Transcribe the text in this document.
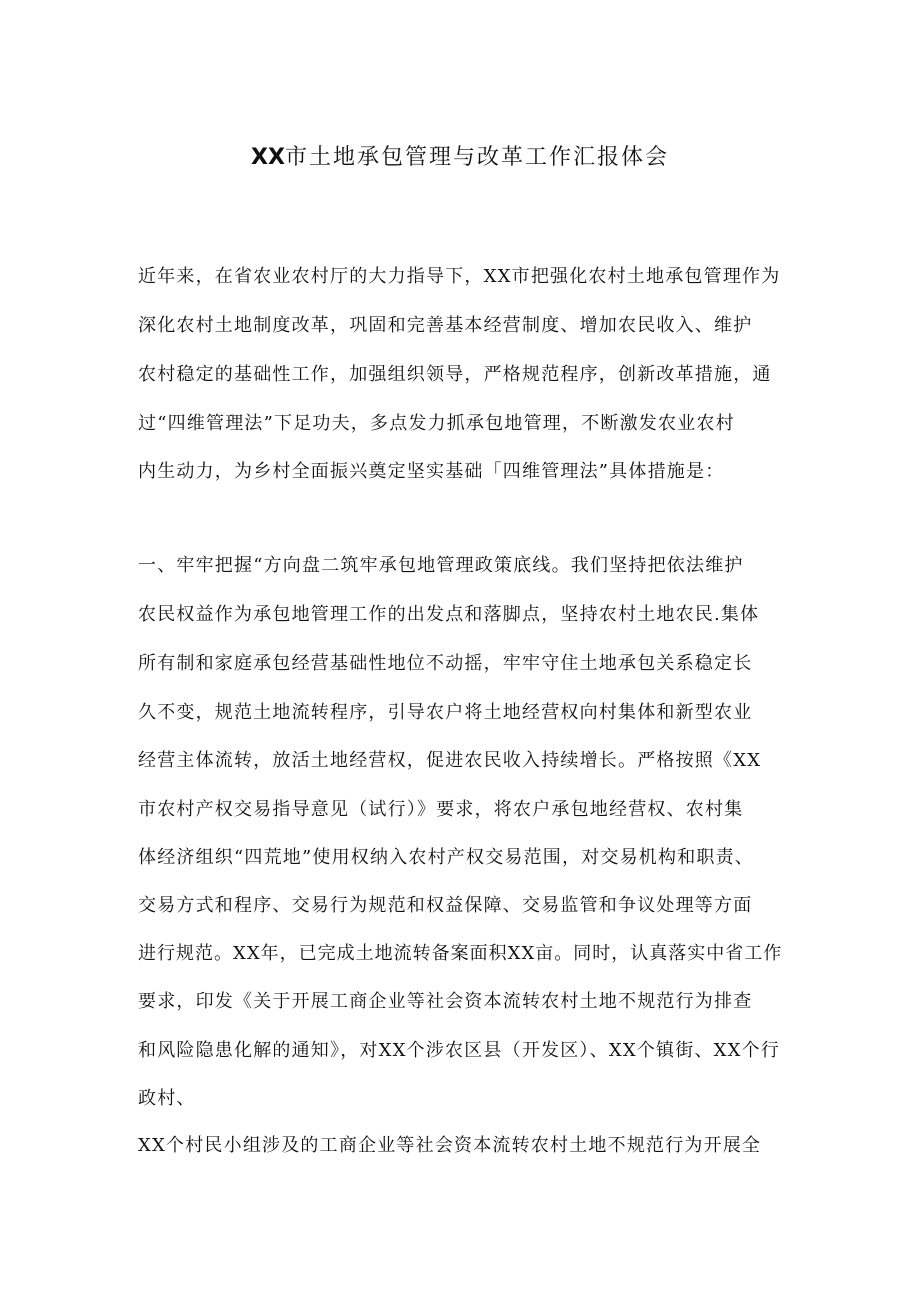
XX市土地承包管理与改革工作汇报体会
近年来，在省农业农村厅的大力指导下，XX市把强化农村土地承包管理作为
深化农村土地制度改革，巩固和完善基本经营制度、增加农民收入、维护
农村稳定的基础性工作，加强组织领导，严格规范程序，创新改革措施，通
过“四维管理法”下足功夫，多点发力抓承包地管理，不断激发农业农村
内生动力，为乡村全面振兴奠定坚实基础「四维管理法”具体措施是：
一、牢牢把握“方向盘二筑牢承包地管理政策底线。我们坚持把依法维护
农民权益作为承包地管理工作的出发点和落脚点，坚持农村土地农民.集体
所有制和家庭承包经营基础性地位不动摇，牢牢守住土地承包关系稳定长
久不变，规范土地流转程序，引导农户将土地经营权向村集体和新型农业
经营主体流转，放活土地经营权，促进农民收入持续增长。严格按照《XX
市农村产权交易指导意见（试行）》要求，将农户承包地经营权、农村集
体经济组织“四荒地”使用权纳入农村产权交易范围，对交易机构和职责、
交易方式和程序、交易行为规范和权益保障、交易监管和争议处理等方面
进行规范。XX年，已完成土地流转备案面积XX亩。同时，认真落实中省工作
要求，印发《关于开展工商企业等社会资本流转农村土地不规范行为排查
和风险隐患化解的通知》，对XX个涉农区县（开发区）、XX个镇街、XX个行
政村、
XX个村民小组涉及的工商企业等社会资本流转农村土地不规范行为开展全
